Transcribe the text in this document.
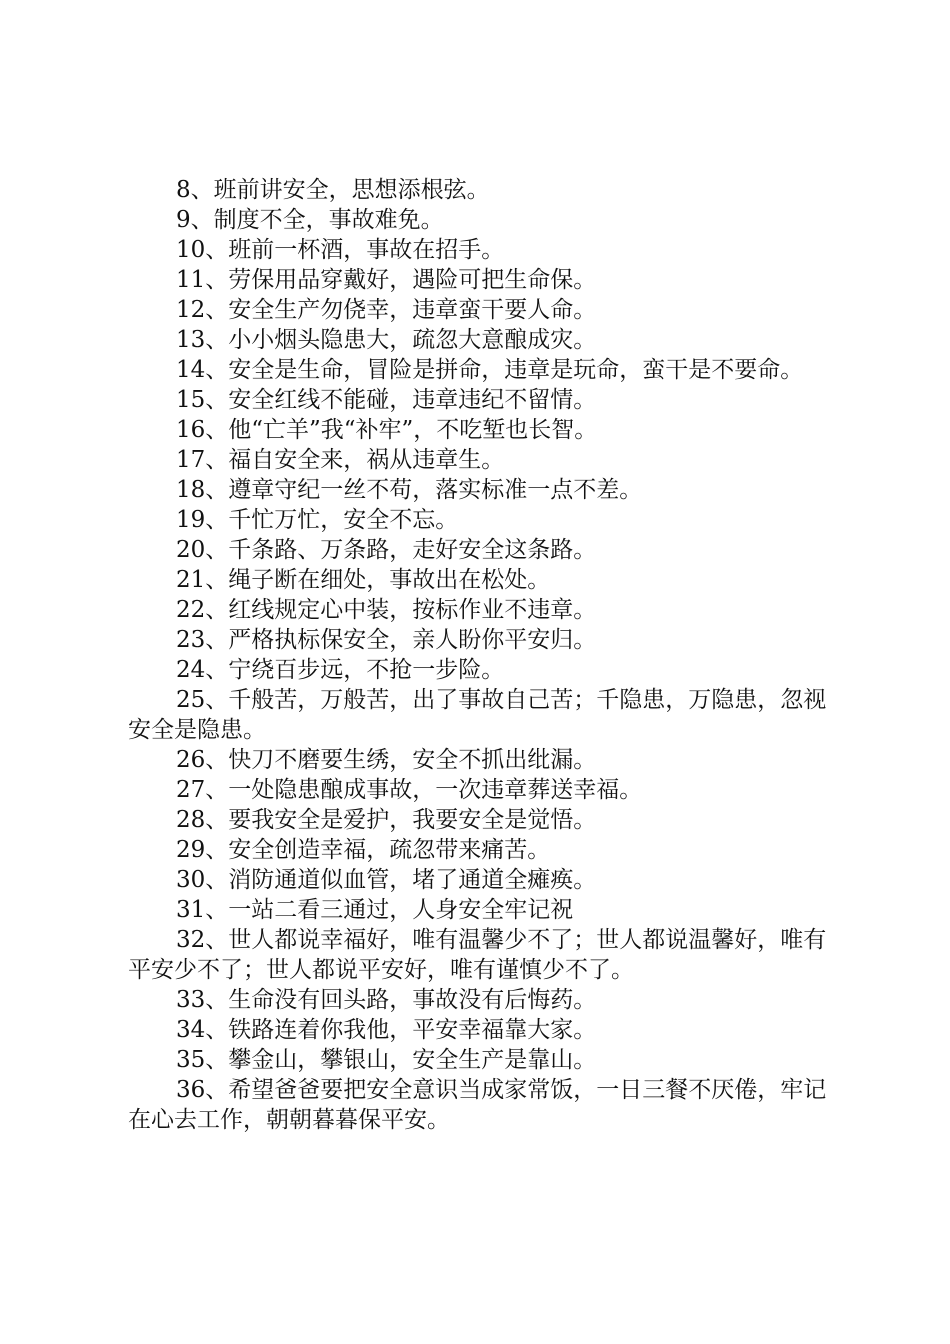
8、班前讲安全，思想添根弦。

9、制度不全，事故难免。

10、班前一杯酒，事故在招手。

11、劳保用品穿戴好，遇险可把生命保。

12、安全生产勿侥幸，违章蛮干要人命。

13、小小烟头隐患大，疏忽大意酿成灾。

14、安全是生命，冒险是拼命，违章是玩命，蛮干是不要命。

15、安全红线不能碰，违章违纪不留情。

16、他“亡羊”我“补牢”，不吃堑也长智。

17、福自安全来，祸从违章生。

18、遵章守纪一丝不苟，落实标准一点不差。

19、千忙万忙，安全不忘。

20、千条路、万条路，走好安全这条路。

21、绳子断在细处，事故出在松处。

22、红线规定心中装，按标作业不违章。

23、严格执标保安全，亲人盼你平安归。

24、宁绕百步远，不抢一步险。

25、千般苦，万般苦，出了事故自己苦；千隐患，万隐患，忽视安全是隐患。

26、快刀不磨要生绣，安全不抓出纰漏。

27、一处隐患酿成事故，一次违章葬送幸福。

28、要我安全是爱护，我要安全是觉悟。

29、安全创造幸福，疏忽带来痛苦。

30、消防通道似血管，堵了通道全瘫痪。

31、一站二看三通过，人身安全牢记祝

32、世人都说幸福好，唯有温馨少不了；世人都说温馨好，唯有平安少不了；世人都说平安好，唯有谨慎少不了。

33、生命没有回头路，事故没有后悔药。

34、铁路连着你我他，平安幸福靠大家。

35、攀金山，攀银山，安全生产是靠山。

36、希望爸爸要把安全意识当成家常饭，一日三餐不厌倦，牢记在心去工作，朝朝暮暮保平安。
